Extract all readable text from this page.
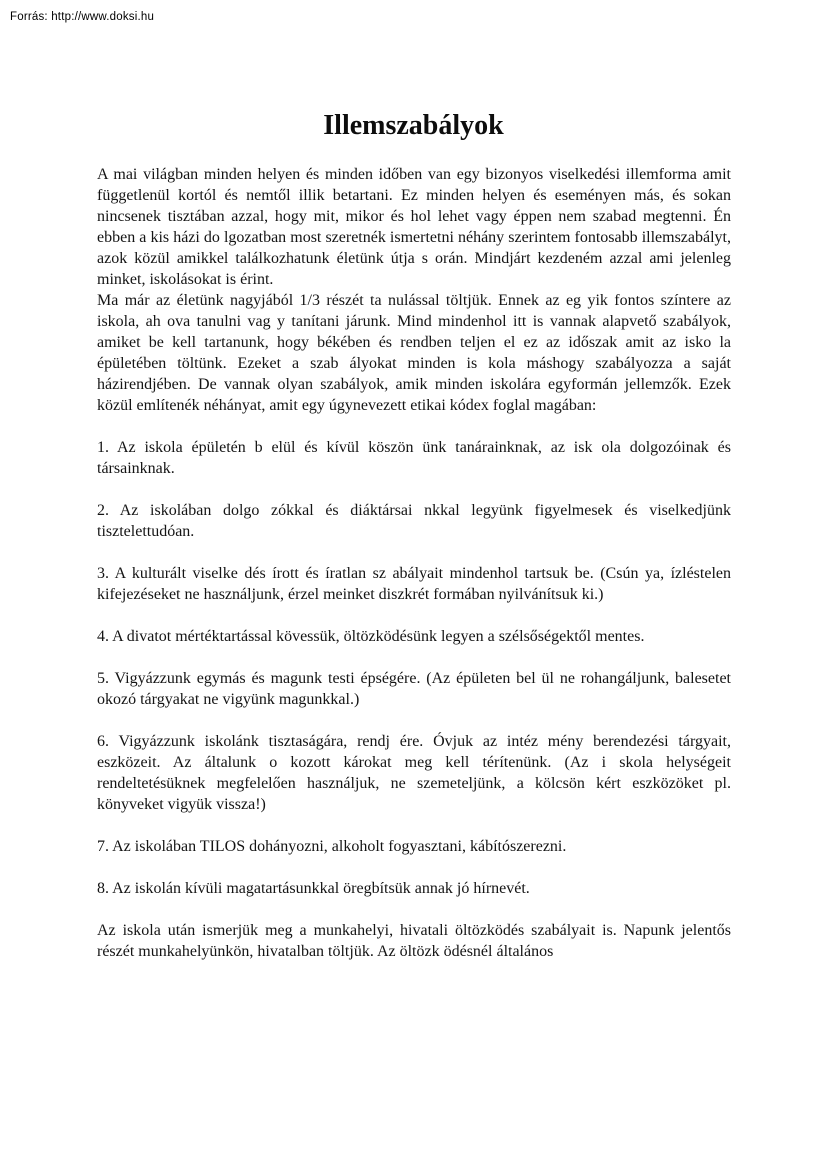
Forrás: http://www.doksi.hu
Illemszabályok

A mai világban minden helyen és minden időben van egy bizonyos viselkedési illemforma amit függetlenül kortól és nemtől illik betartani. Ez minden helyen és eseményen más, és sokan nincsenek tisztában azzal, hogy mit, mikor és hol lehet vagy éppen nem szabad megtenni. Én ebben a kis házi do lgozatban most szeretnék ismertetni néhány szerintem fontosabb illemszabályt, azok közül amikkel találkozhatunk életünk útja s orán. Mindjárt kezdeném azzal ami jelenleg minket, iskolásokat is érint.

Ma már az életünk nagyjából 1/3 részét ta nulással töltjük. Ennek az eg yik fontos színtere az iskola, ah ova tanulni vag y tanítani járunk. Mind mindenhol itt is vannak alapvető szabályok, amiket be kell tartanunk, hogy békében és rendben teljen el ez az időszak amit az isko la épületében töltünk. Ezeket a szab ályokat minden is kola máshogy szabályozza a saját házirendjében. De vannak olyan szabályok, amik minden iskolára egyformán jellemzők. Ezek közül említenék néhányat, amit egy úgynevezett etikai kódex foglal magában:

1. Az iskola épületén b elül és kívül köszön ünk tanárainknak, az isk ola dolgozóinak és társainknak.

2. Az iskolában dolgo zókkal és diáktársai nkkal legyünk figyelmesek és viselkedjünk tisztelettudóan.

3. A kulturált viselke dés írott és íratlan sz abályait mindenhol tartsuk be. (Csún ya, ízléstelen kifejezéseket ne használjunk, érzel meinket diszkrét formában nyilvánítsuk ki.)

4. A divatot mértéktartással kövessük, öltözködésünk legyen a szélsőségektől mentes.

5. Vigyázzunk egymás és magunk testi épségére. (Az épületen bel ül ne rohangáljunk, balesetet okozó tárgyakat ne vigyünk magunkkal.)

6. Vigyázzunk iskolánk tisztaságára, rendj ére. Óvjuk az intéz mény berendezési tárgyait, eszközeit. Az általunk o kozott károkat meg kell térítenünk. (Az i skola helységeit rendeltetésüknek megfelelően használjuk, ne szemeteljünk, a kölcsön kért eszközöket pl. könyveket vigyük vissza!)

7. Az iskolában TILOS dohányozni, alkoholt fogyasztani, kábítószerezni.

8. Az iskolán kívüli magatartásunkkal öregbítsük annak jó hírnevét.

Az iskola után ismerjük meg a munkahelyi, hivatali öltözködés szabályait is. Napunk jelentős részét munkahelyünkön, hivatalban töltjük. Az öltözk ödésnél általános
